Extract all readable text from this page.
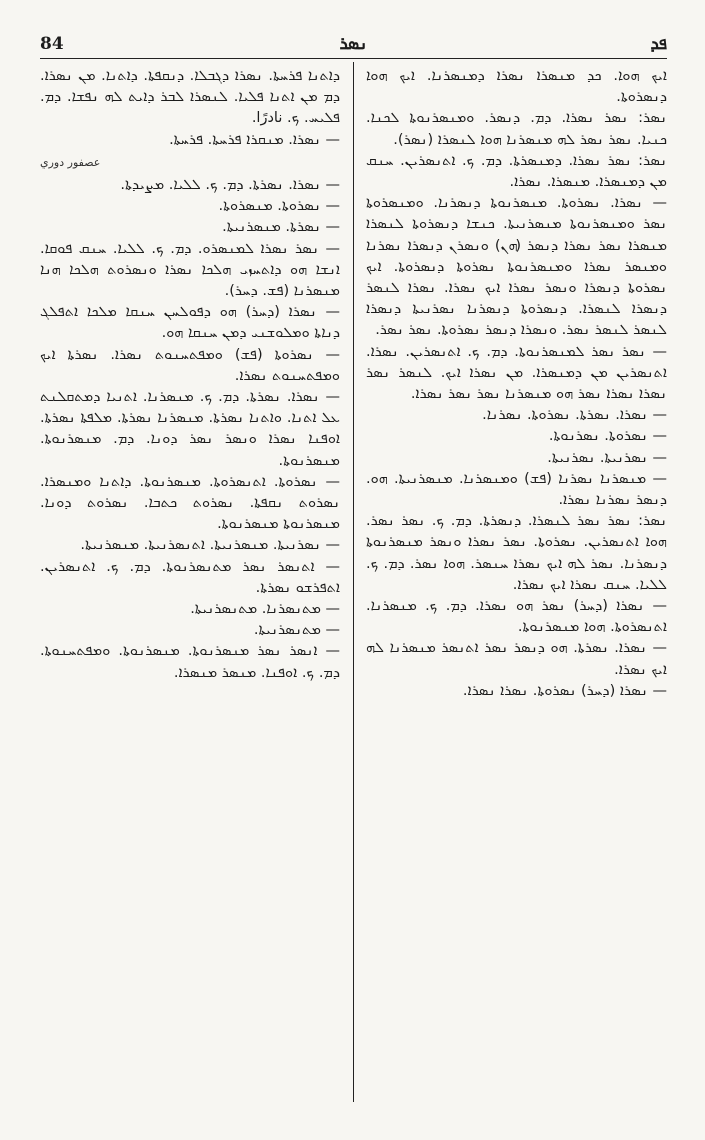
84	ܢܣܪ	ܦܕ

ܕܐܬܢܐ ܦܪܚܬܐ. ܢܣܪܐ ܕܓܒܠܐ. ܕܢܩܦܬܐ. ܕܐܬܢܐ. ܡܢ ܢܣܪܐ. ܕܡ ܡܢ ܐܬܢܐ ܦܠܝܐ. ܠܢܣܪܐ ܠܒܪ ܕܐܝܬ ܠܗ ܢܦܫܐ. ܕܡ. ܦܠܝܚ. ܟ. نادرًا.

— ܢܣܪܐ. ܡܢܩܪܐ ܦܪܚܬܐ. ܦܪܚܬܐ.

عصفور دوري

— ܢܣܪܐ. ܢܣܪܬܐ. ܕܡ. ܟ. ܠܠܝܐ. ܡܨܝܕܬܐ.

— ܢܣܪܘܬܐ. ܡܢܣܪܘܬܐ.

— ܢܣܪܬܐ. ܡܢܣܪܢܝܬܐ.

— ܢܣܪ ܢܣܪܐ ܠܡܢܣܪܘ. ܕܡ. ܟ. ܠܠܝܐ. ܚܢܩ ܦܘܩܐ. ܐܢܫܐ ܗܘ ܕܐܬܚܙܝ ܗܠܟܐ ܢܣܪܐ ܘܢܣܪܘܬ ܗܠܟܐ ܗܢܐ ܡܢܣܪܢܐ (ܦܫ. ܕܚܪ).

— ܢܣܪܐ (ܕܚܪ) ܗܘ ܕܦܘܠܚܢ ܚܢܩܐ ܡܠܟܐ ܐܬܦܠܓ ܕܢܐܬܐ ܘܡܠܘܫܢܝ ܕܡܢ ܚܢܩܐ ܗܘ.

— ܢܣܪܘܬܐ (ܦܫ) ܘܡܦܬܚܢܘܬ ܢܣܪܐ. ܢܣܪܬܐ ܐܝܟ ܘܡܦܬܚܢܘܬ ܢܣܪܐ.

— ܢܣܪܐ. ܢܣܪܬܐ. ܕܡ. ܟ. ܡܢܣܪܢܐ. ܐܬܢܝܐ ܕܡܬܩܠܢܬ ܥܠ ܐܬܢܐ. ܘܐܬܢܐ ܢܣܪܬܐ. ܡܢܣܪܢܐ ܢܣܪܬܐ. ܡܠܦܬܐ ܢܣܪܬܐ. ܐܘܦܢܐ ܢܣܪܐ ܘܢܣܪ ܢܣܪ ܕܘܢܐ. ܕܡ. ܡܢܣܪܢܘܬܐ. ܡܢܣܪܢܘܬܐ.

— ܢܣܪܘܬܐ. ܐܬܢܣܪܘܬܐ. ܡܢܣܪܢܘܬܐ. ܕܐܬܢܐ ܘܡܢܣܪܐ. ܢܣܪܘܬ ܢܩܦܬܐ. ܢܣܪܘܬ ܟܬܒܐ. ܢܣܪܘܬ ܕܘܢܐ. ܡܢܣܪܢܘܬܐ ܡܢܣܪܢܘܬܐ.

— ܢܣܪܢܝܬܐ. ܡܢܣܪܢܝܬܐ. ܐܬܢܣܪܢܝܬܐ. ܡܢܣܪܢܝܬܐ.

— ܐܬܢܣܪ ܢܣܪ ܡܬܢܣܪܢܘܬܐ. ܕܡ. ܟ. ܐܬܢܣܪܝܢ. ܐܬܦܪܫܘ ܢܣܪܬܐ.

— ܡܬܢܣܪܢܐ. ܡܬܢܣܪܢܝܬܐ.

— ܡܬܢܣܪܢܝܬܐ.

— ܐܢܣܪ ܢܣܪ ܡܢܣܪܢܘܬܐ. ܡܢܣܪܢܘܬܐ. ܘܡܦܬܚܢܘܬܐ. ܕܡ. ܟ. ܐܘܦܢܐ. ܡܢܣܪ ܡܢܣܪܐ.

ܐܝܟ ܗܘܐ. ܟܕ ܡܢܣܪܐ ܢܣܪܐ ܕܡܢܣܪܢܐ. ܐܝܟ ܗܘܐ ܕܢܣܪܘܬܐ.

ܢܣܪ: ܢܣܪ ܢܣܪܐ. ܕܡ. ܕܢܣܪ. ܘܡܢܣܪܢܘܬܐ ܠܟܢܐ. ܟܢܝܐ. ܢܣܪ ܢܣܪ ܠܗ ܡܢܣܪܢܐ ܗܘܐ ܠܢܣܪܐ (ܢܣܪ).

ܢܣܪ: ܢܣܪ ܢܣܪܐ. ܕܡܢܣܪܬܐ. ܕܡ. ܟ. ܐܬܢܣܪܝܢ. ܚܢܩ ܡܢ ܕܡܢܣܪܐ. ܡܢܣܪܐ. ܢܣܪܐ.

— ܢܣܪܐ. ܢܣܪܘܬܐ. ܡܢܣܪܢܘܬܐ ܕܢܣܪܢܐ. ܘܡܢܣܪܘܬܐ ܢܣܪ ܘܡܢܣܪܢܘܬܐ ܡܢܣܪܢܝܬܐ. ܟܢܫܐ ܕܢܣܪܘܬܐ ܠܢܣܪܐ ܡܢܣܪܐ ܢܣܪ ܢܣܪܐ ܕܢܣܪ (ܗܢ) ܘܢܣܪܢ ܕܢܣܪܐ ܢܣܪܢܐ ܘܡܢܣܪ ܢܣܪܐ ܘܡܢܣܪܢܘܬܐ ܢܣܪܘܬܐ ܕܢܣܪܘܬܐ. ܐܝܟ ܢܣܪܘܬܐ ܕܢܣܪܐ ܘܢܣܪ ܢܣܪܐ ܐܝܟ ܢܣܪܐ. ܢܣܪܐ ܠܢܣܪ ܕܢܣܪܐ ܠܢܣܪܐ. ܕܢܣܪܘܬܐ ܕܢܣܪܢܐ ܢܣܪܢܝܬܐ ܕܢܣܪܐ ܠܢܣܪ ܠܢܣܪ ܢܣܪ. ܘܢܣܪܐ ܕܢܣܪ ܢܣܪܘܬܐ. ܢܣܪ ܢܣܪ.

— ܢܣܪ ܢܣܪ ܠܡܢܣܪܢܘܬܐ. ܕܡ. ܟ. ܐܬܢܣܪܝܢ. ܢܣܪܐ. ܐܬܢܣܪܝܢ ܡܢ ܕܡܢܣܪܐ. ܡܢ ܢܣܪܐ ܐܝܟ. ܠܢܣܪ ܢܣܪ ܢܣܪܐ ܢܣܪܐ ܢܣܪ ܗܘ ܡܢܣܪܢܐ ܢܣܪ ܢܣܪ ܢܣܪܐ.

— ܢܣܪܐ. ܢܣܪܬܐ. ܢܣܪܘܬܐ. ܢܣܪܢܐ.

— ܢܣܪܘܬܐ. ܢܣܪܢܘܬܐ.

— ܢܣܪܢܝܬܐ. ܢܣܪܢܝܬܐ.

— ܡܢܣܪܢܐ ܢܣܪܢܐ (ܦܫ) ܘܡܢܣܪܢܐ. ܡܢܣܪܢܝܬܐ. ܗܘ. ܕܢܣܪ ܢܣܪܢܐ ܢܣܪܐ.

ܢܣܪ: ܢܣܪ ܢܣܪ ܠܢܣܪܐ. ܕܢܣܪܬܐ. ܕܡ. ܟ. ܢܣܪ ܢܣܪ. ܗܘܐ ܐܬܢܣܪܝܢ. ܢܣܪܘܬܐ. ܢܣܪ ܢܣܪܐ ܘܢܣܪ ܡܢܣܪܢܘܬܐ ܕܢܣܪܢܐ. ܢܣܪ ܠܗ ܐܝܟ ܢܣܪܐ ܚܢܣܪ. ܗܘܐ ܢܣܪ. ܕܡ. ܟ. ܠܠܝܐ. ܚܢܩ ܢܣܪܐ ܐܝܟ ܢܣܪܐ.

— ܢܣܪܐ (ܕܚܪ) ܢܣܪ ܗܘ ܢܣܪܐ. ܕܡ. ܟ. ܡܢܣܪܢܐ. ܐܬܢܣܪܘܬܐ. ܗܘܐ ܡܢܣܪܢܘܬܐ.

— ܢܣܪܐ. ܢܣܪܬܐ. ܗܘ ܕܢܣܪ ܢܣܪ ܐܬܢܣܪ ܡܢܣܪܢܐ ܠܗ ܐܝܟ ܢܣܪܐ.

— ܢܣܪܐ (ܕܚܪ) ܢܣܪܘܬܐ. ܢܣܪܐ ܢܣܪܐ.
